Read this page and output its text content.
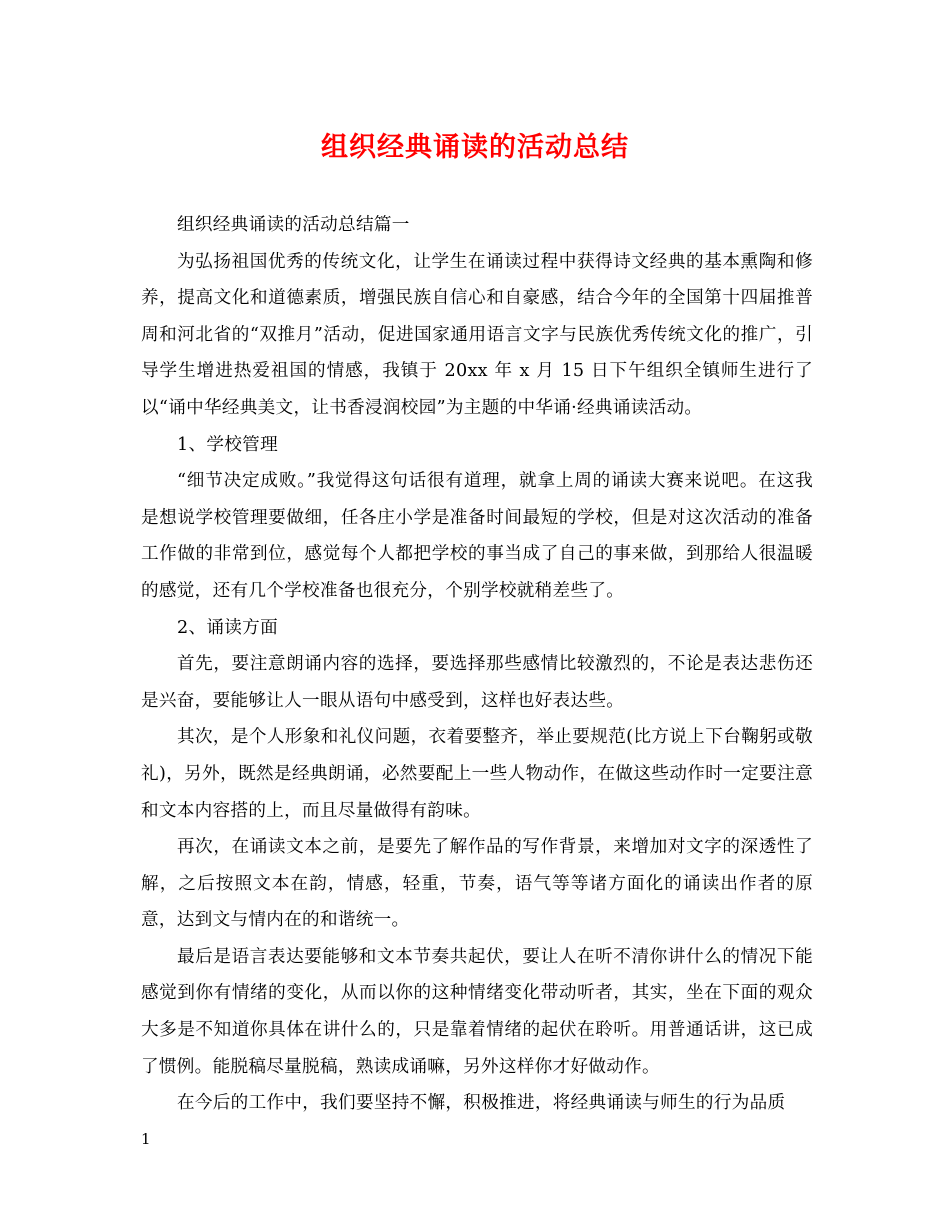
组织经典诵读的活动总结

组织经典诵读的活动总结篇一

为弘扬祖国优秀的传统文化，让学生在诵读过程中获得诗文经典的基本熏陶和修养，提高文化和道德素质，增强民族自信心和自豪感，结合今年的全国第十四届推普周和河北省的“双推月”活动，促进国家通用语言文字与民族优秀传统文化的推广，引导学生增进热爱祖国的情感，我镇于 20xx 年 x 月 15 日下午组织全镇师生进行了以“诵中华经典美文，让书香浸润校园”为主题的中华诵·经典诵读活动。

1、学校管理

“细节决定成败。”我觉得这句话很有道理，就拿上周的诵读大赛来说吧。在这我是想说学校管理要做细，任各庄小学是准备时间最短的学校，但是对这次活动的准备工作做的非常到位，感觉每个人都把学校的事当成了自己的事来做，到那给人很温暖的感觉，还有几个学校准备也很充分，个别学校就稍差些了。

2、诵读方面

首先，要注意朗诵内容的选择，要选择那些感情比较激烈的，不论是表达悲伤还是兴奋，要能够让人一眼从语句中感受到，这样也好表达些。

其次，是个人形象和礼仪问题，衣着要整齐，举止要规范(比方说上下台鞠躬或敬礼)，另外，既然是经典朗诵，必然要配上一些人物动作，在做这些动作时一定要注意和文本内容搭的上，而且尽量做得有韵味。

再次，在诵读文本之前，是要先了解作品的写作背景，来增加对文字的深透性了解，之后按照文本在韵，情感，轻重，节奏，语气等等诸方面化的诵读出作者的原意，达到文与情内在的和谐统一。

最后是语言表达要能够和文本节奏共起伏，要让人在听不清你讲什么的情况下能感觉到你有情绪的变化，从而以你的这种情绪变化带动听者，其实，坐在下面的观众大多是不知道你具体在讲什么的，只是靠着情绪的起伏在聆听。用普通话讲，这已成了惯例。能脱稿尽量脱稿，熟读成诵嘛，另外这样你才好做动作。

在今后的工作中，我们要坚持不懈，积极推进，将经典诵读与师生的行为品质

1
